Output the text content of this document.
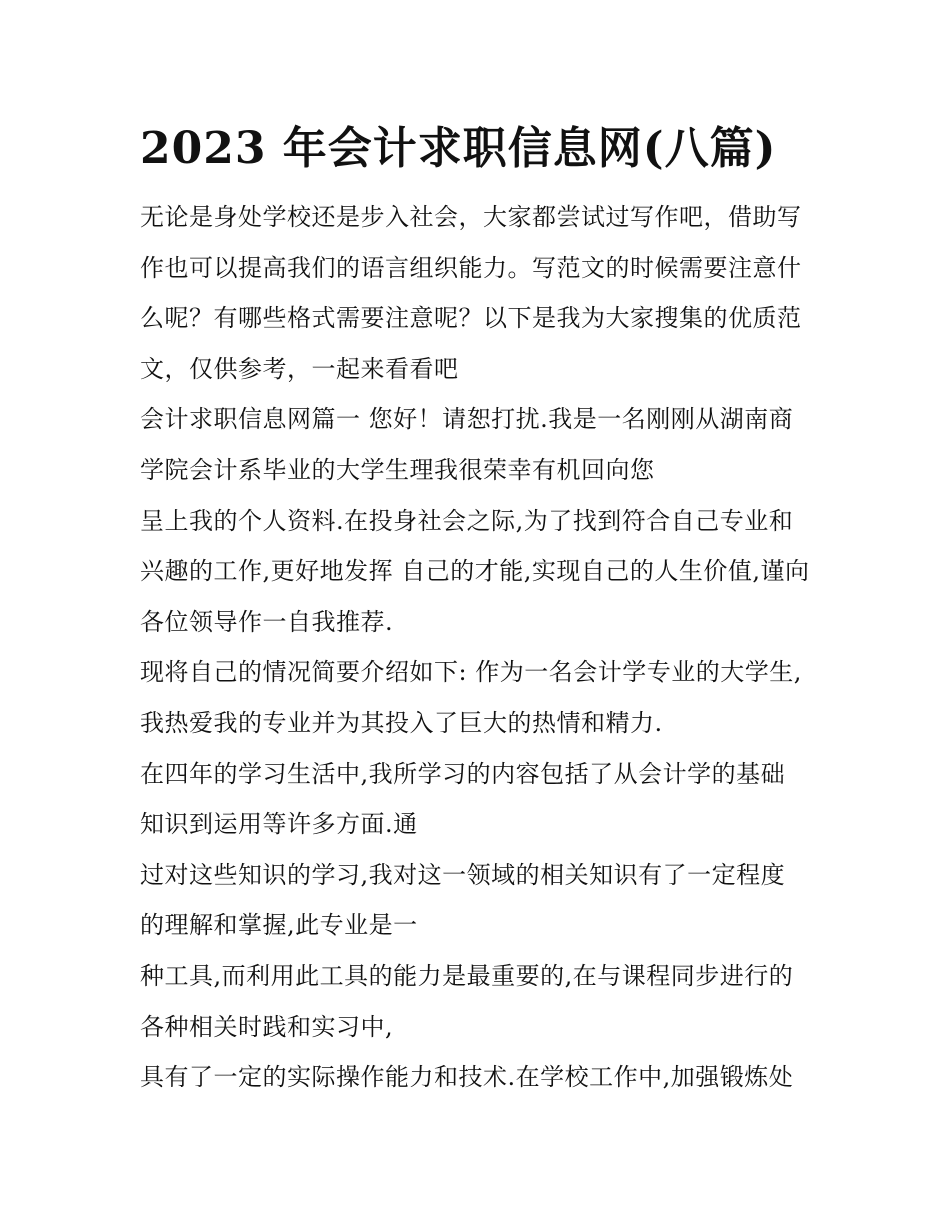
2023 年会计求职信息网(八篇)

无论是身处学校还是步入社会，大家都尝试过写作吧，借助写
作也可以提高我们的语言组织能力。写范文的时候需要注意什
么呢？有哪些格式需要注意呢？以下是我为大家搜集的优质范
文，仅供参考，一起来看看吧

会计求职信息网篇一 您好！请恕打扰.我是一名刚刚从湖南商
学院会计系毕业的大学生理我很荣幸有机回向您

呈上我的个人资料.在投身社会之际,为了找到符合自己专业和
兴趣的工作,更好地发挥 自己的才能,实现自己的人生价值,谨向
各位领导作一自我推荐.

现将自己的情况简要介绍如下: 作为一名会计学专业的大学生,
我热爱我的专业并为其投入了巨大的热情和精力.

在四年的学习生活中,我所学习的内容包括了从会计学的基础
知识到运用等许多方面.通

过对这些知识的学习,我对这一领域的相关知识有了一定程度
的理解和掌握,此专业是一

种工具,而利用此工具的能力是最重要的,在与课程同步进行的
各种相关时践和实习中,

具有了一定的实际操作能力和技术.在学校工作中,加强锻炼处
